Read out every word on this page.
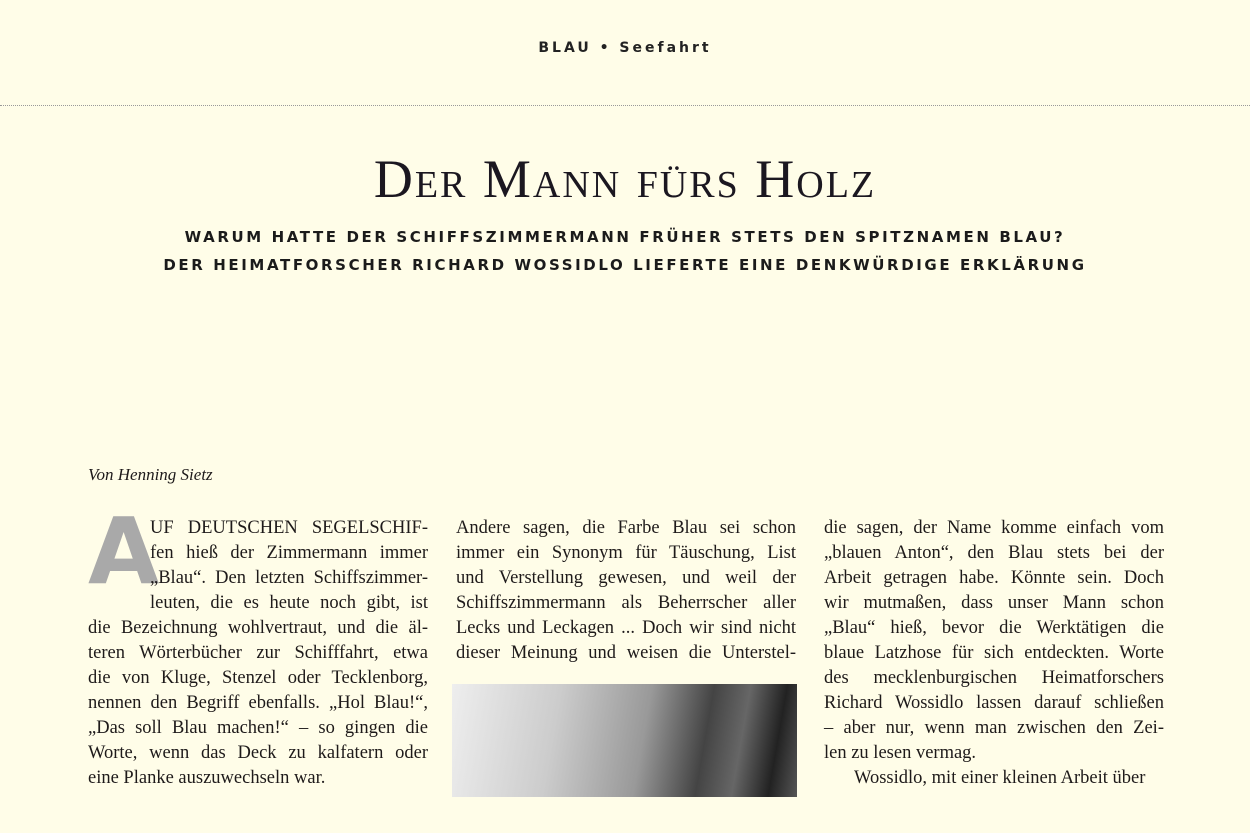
BLAU • Seefahrt
Der Mann fürs Holz
WARUM HATTE DER SCHIFFSZIMMERMANN FRÜHER STETS DEN SPITZNAMEN BLAU?
DER HEIMATFORSCHER RICHARD WOSSIDLO LIEFERTE EINE DENKWÜRDIGE ERKLÄRUNG
Von Henning Sietz
A
UF DEUTSCHEN SEGELSCHIF-
fen hieß der Zimmermann immer
„Blau“. Den letzten Schiffszimmer-
leuten, die es heute noch gibt, ist
die Bezeichnung wohlvertraut, und die äl-
teren Wörterbücher zur Schifffahrt, etwa
die von Kluge, Stenzel oder Tecklenborg,
nennen den Begriff ebenfalls. „Hol Blau!“,
„Das soll Blau machen!“ – so gingen die
Worte, wenn das Deck zu kalfatern oder
eine Planke auszuwechseln war.
Andere sagen, die Farbe Blau sei schon
immer ein Synonym für Täuschung, List
und Verstellung gewesen, und weil der
Schiffszimmermann als Beherrscher aller
Lecks und Leckagen ... Doch wir sind nicht
dieser Meinung und weisen die Unterstel-
die sagen, der Name komme einfach vom
„blauen Anton“, den Blau stets bei der
Arbeit getragen habe. Könnte sein. Doch
wir mutmaßen, dass unser Mann schon
„Blau“ hieß, bevor die Werktätigen die
blaue Latzhose für sich entdeckten. Worte
des mecklenburgischen Heimatforschers
Richard Wossidlo lassen darauf schließen
– aber nur, wenn man zwischen den Zei-
len zu lesen vermag.
Wossidlo, mit einer kleinen Arbeit über
